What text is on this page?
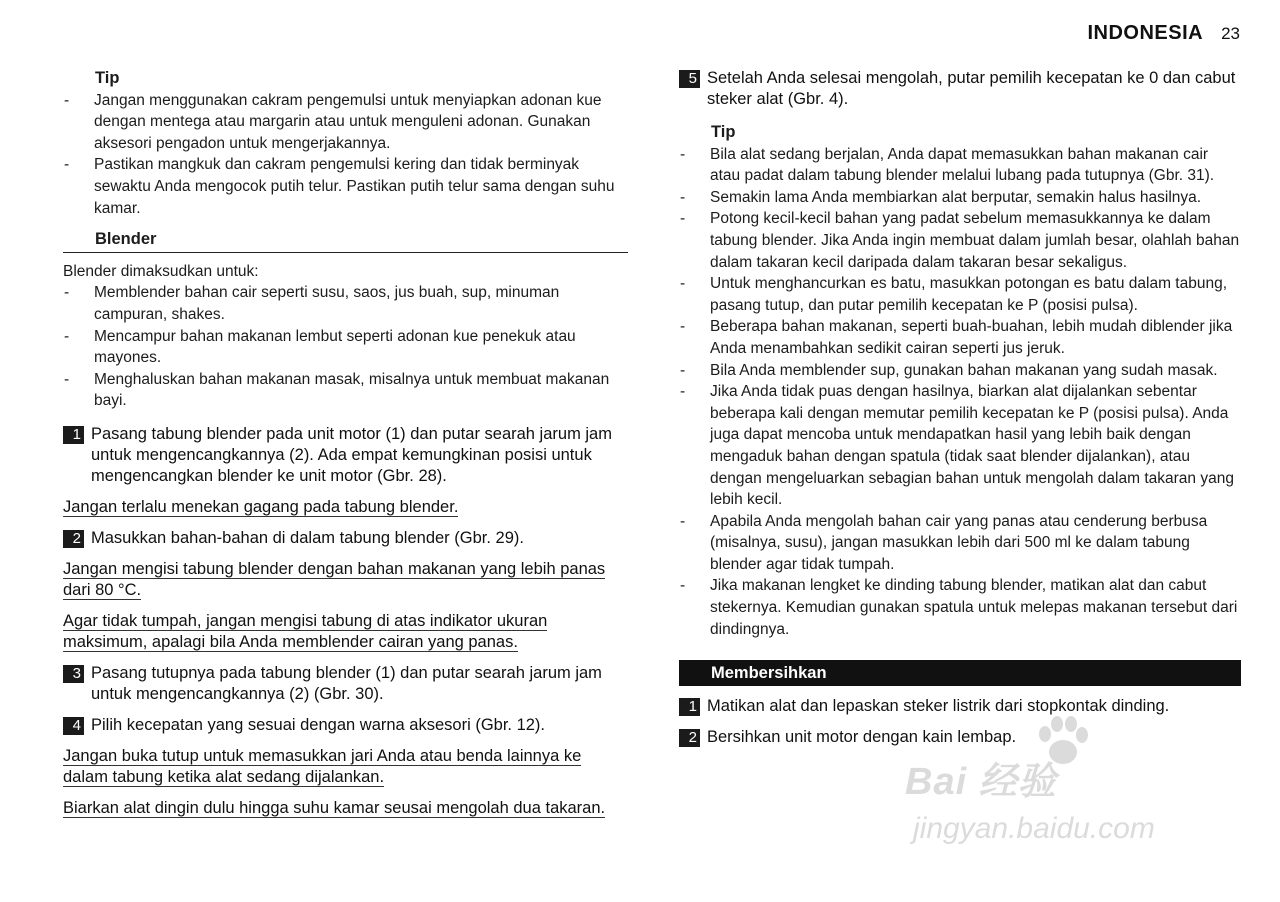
INDONESIA 23
Tip
- Jangan menggunakan cakram pengemulsi untuk menyiapkan adonan kue dengan mentega atau margarin atau untuk menguleni adonan. Gunakan aksesori pengadon untuk mengerjakannya.
- Pastikan mangkuk dan cakram pengemulsi kering dan tidak berminyak sewaktu Anda mengocok putih telur. Pastikan putih telur sama dengan suhu kamar.
Blender
Blender dimaksudkan untuk:
- Memblender bahan cair seperti susu, saos, jus buah, sup, minuman campuran, shakes.
- Mencampur bahan makanan lembut seperti adonan kue penekuk atau mayones.
- Menghaluskan bahan makanan masak, misalnya untuk membuat makanan bayi.
1 Pasang tabung blender pada unit motor (1) dan putar searah jarum jam untuk mengencangkannya (2). Ada empat kemungkinan posisi untuk mengencangkan blender ke unit motor (Gbr. 28).
Jangan terlalu menekan gagang pada tabung blender.
2 Masukkan bahan-bahan di dalam tabung blender (Gbr. 29).
Jangan mengisi tabung blender dengan bahan makanan yang lebih panas dari 80 °C.
Agar tidak tumpah, jangan mengisi tabung di atas indikator ukuran maksimum, apalagi bila Anda memblender cairan yang panas.
3 Pasang tutupnya pada tabung blender (1) dan putar searah jarum jam untuk mengencangkannya (2) (Gbr. 30).
4 Pilih kecepatan yang sesuai dengan warna aksesori (Gbr. 12).
Jangan buka tutup untuk memasukkan jari Anda atau benda lainnya ke dalam tabung ketika alat sedang dijalankan.
Biarkan alat dingin dulu hingga suhu kamar seusai mengolah dua takaran.
5 Setelah Anda selesai mengolah, putar pemilih kecepatan ke 0 dan cabut steker alat (Gbr. 4).
Tip
- Bila alat sedang berjalan, Anda dapat memasukkan bahan makanan cair atau padat dalam tabung blender melalui lubang pada tutupnya (Gbr. 31).
- Semakin lama Anda membiarkan alat berputar, semakin halus hasilnya.
- Potong kecil-kecil bahan yang padat sebelum memasukkannya ke dalam tabung blender. Jika Anda ingin membuat dalam jumlah besar, olahlah bahan dalam takaran kecil daripada dalam takaran besar sekaligus.
- Untuk menghancurkan es batu, masukkan potongan es batu dalam tabung, pasang tutup, dan putar pemilih kecepatan ke P (posisi pulsa).
- Beberapa bahan makanan, seperti buah-buahan, lebih mudah diblender jika Anda menambahkan sedikit cairan seperti jus jeruk.
- Bila Anda memblender sup, gunakan bahan makanan yang sudah masak.
- Jika Anda tidak puas dengan hasilnya, biarkan alat dijalankan sebentar beberapa kali dengan memutar pemilih kecepatan ke P (posisi pulsa). Anda juga dapat mencoba untuk mendapatkan hasil yang lebih baik dengan mengaduk bahan dengan spatula (tidak saat blender dijalankan), atau dengan mengeluarkan sebagian bahan untuk mengolah dalam takaran yang lebih kecil.
- Apabila Anda mengolah bahan cair yang panas atau cenderung berbusa (misalnya, susu), jangan masukkan lebih dari 500 ml ke dalam tabung blender agar tidak tumpah.
- Jika makanan lengket ke dinding tabung blender, matikan alat dan cabut stekernya. Kemudian gunakan spatula untuk melepas makanan tersebut dari dindingnya.
Membersihkan
1 Matikan alat dan lepaskan steker listrik dari stopkontak dinding.
2 Bersihkan unit motor dengan kain lembap.
Bai 经验
jingyan.baidu.com
